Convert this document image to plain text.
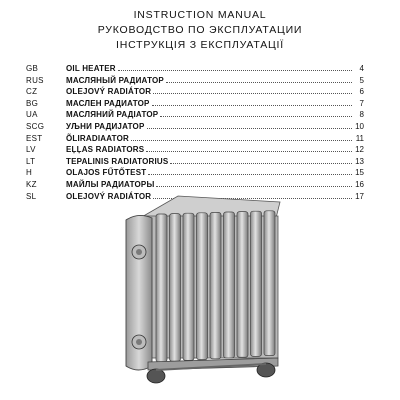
INSTRUCTION MANUAL
РУКОВОДСТВО ПО ЭКСПЛУАТАЦИИ
ІНСТРУКЦІЯ З ЕКСПЛУАТАЦІЇ
GB	OIL HEATER	4
RUS	МАСЛЯНЫЙ РАДИАТОР	5
CZ	OLEJOVÝ RADIÁTOR	6
BG	МАСЛЕН РАДИАТОР	7
UA	МАСЛЯНИЙ РАДІАТОР	8
SCG	УЉНИ РАДИЈАТОР	10
EST	ÕLIRADIAATOR	11
LV	EĻĻAS RADIATORS	12
LT	TEPALINIS RADIATORIUS	13
H	OLAJOS FŰTŐTEST	15
KZ	МАЙЛЫ РАДИАТОРЫ	16
SL	OLEJOVÝ RADIÁTOR	17
